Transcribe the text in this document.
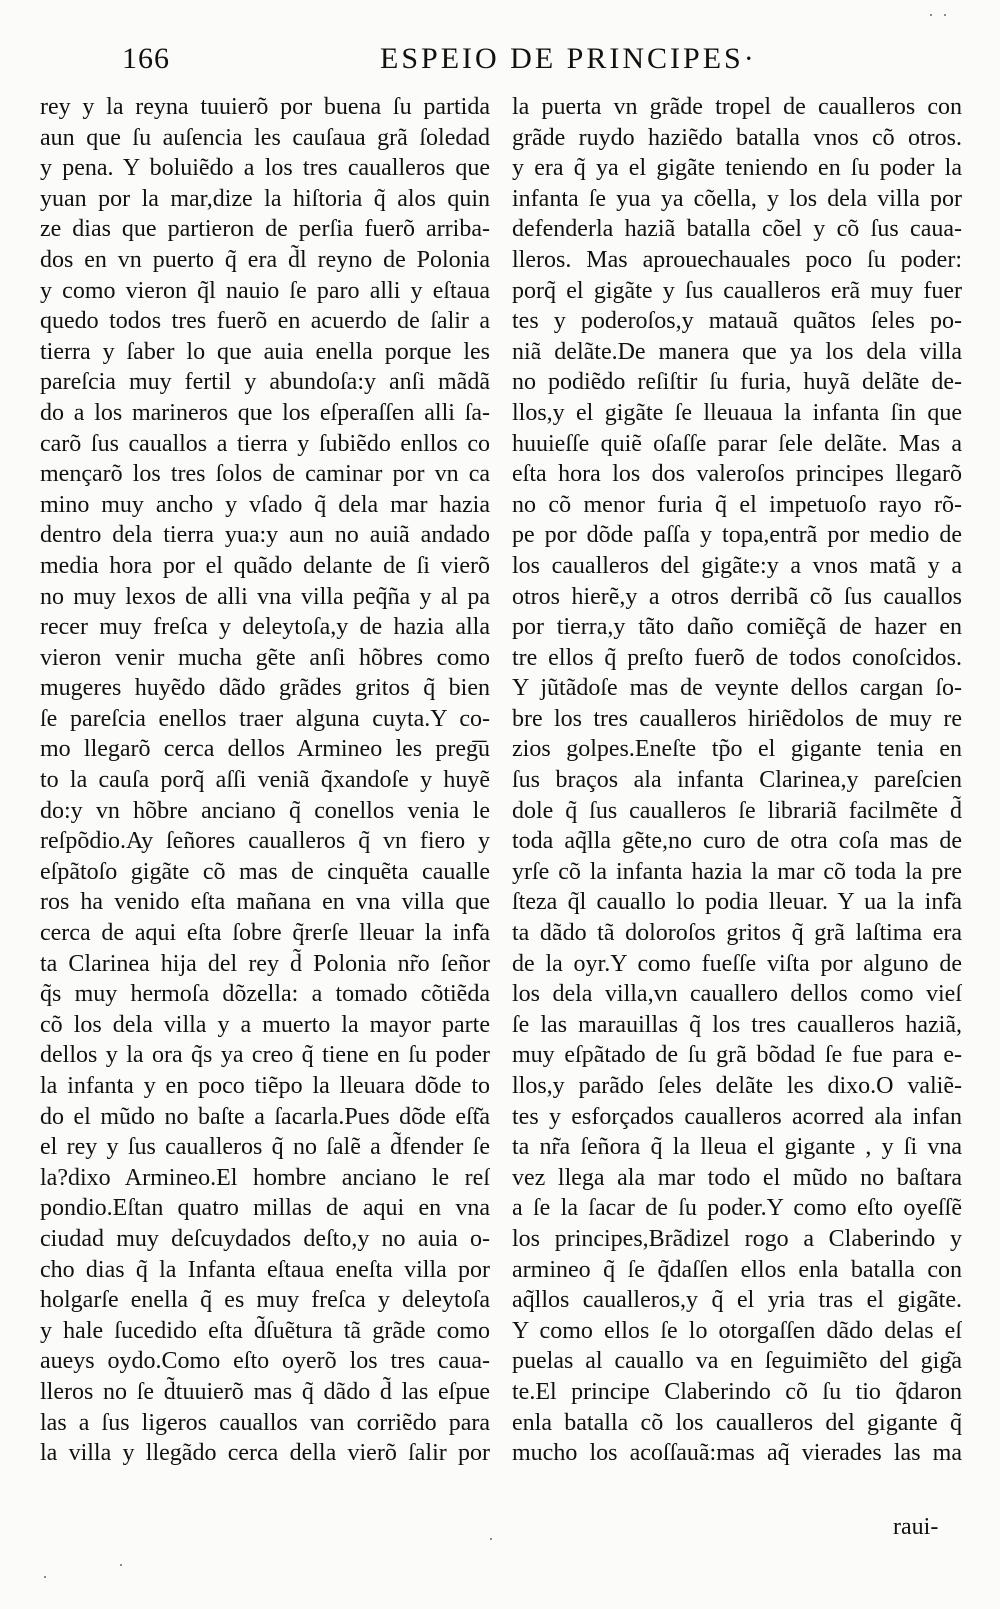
166	ESPEIO DE PRINCIPES·
rey y la reyna tuuierõ por buena ſu partida
aun que ſu auſencia les cauſaua grã ſoledad
y pena. Y boluiẽdo a los tres caualleros que
yuan por la mar,dize la hiſtoria q̃ alos quin
ze dias que partieron de perſia fuerõ arriba-
dos en vn puerto q̃ era d̃l reyno de Polonia
y como vieron q̃l nauio ſe paro alli y eſtaua
quedo todos tres fuerõ en acuerdo de ſalir a
tierra y ſaber lo que auia enella porque les
pareſcia muy fertil y abundoſa:y anſi mãdã
do a los marineros que los eſperaſſen alli ſa-
carõ ſus cauallos a tierra y ſubiẽdo enllos co
mençarõ los tres ſolos de caminar por vn ca
mino muy ancho y vſado q̃ dela mar hazia
dentro dela tierra yua:y aun no auiã andado
media hora por el quãdo delante de ſi vierõ
no muy lexos de alli vna villa peq̃ña y al pa
recer muy freſca y deleytoſa,y de hazia alla
vieron venir mucha gẽte anſi hõbres como
mugeres huyẽdo dãdo grãdes gritos q̃ bien
ſe pareſcia enellos traer alguna cuyta.Y co-
mo llegarõ cerca dellos Armineo les preg͞u
to la cauſa porq̃ aſſi veniã q̃xandoſe y huyẽ
do:y vn hõbre anciano q̃ conellos venia le
reſpõdio.Ay ſeñores caualleros q̃ vn fiero y
eſpãtoſo gigãte cõ mas de cinquẽta caualle
ros ha venido eſta mañana en vna villa que
cerca de aqui eſta ſobre q̃rerſe lleuar la inf͂a
ta Clarinea hija del rey d̃ Polonia nr̃o ſeñor
q̃s muy hermoſa dõzella: a tomado cõtiẽda
cõ los dela villa y a muerto la mayor parte
dellos y la ora q̃s ya creo q̃ tiene en ſu poder
la infanta y en poco tiẽpo la lleuara dõde to
do el mũdo no baſte a ſacarla.Pues dõde eſt͂a
el rey y ſus caualleros q̃ no ſalẽ a d̃fender ſe
la?dixo Armineo.El hombre anciano le reſ
pondio.Eſtan quatro millas de aqui en vna
ciudad muy deſcuydados deſto,y no auia o-
cho dias q̃ la Infanta eſtaua eneſta villa por
holgarſe enella q̃ es muy freſca y deleytoſa
y hale ſucedido eſta d̃ſuẽtura tã grãde como
aueys oydo.Como eſto oyerõ los tres caua-
lleros no ſe d̃tuuierõ mas q̃ dãdo d̃ las eſpue
las a ſus ligeros cauallos van corriẽdo para
la villa y llegãdo cerca della vierõ ſalir por
la puerta vn grãde tropel de caualleros con
grãde ruydo haziẽdo batalla vnos cõ otros.
y era q̃ ya el gigãte teniendo en ſu poder la
infanta ſe yua ya cõella, y los dela villa por
defenderla haziã batalla cõel y cõ ſus caua-
lleros. Mas aprouechauales poco ſu poder:
porq̃ el gigãte y ſus caualleros erã muy fuer
tes y poderoſos,y matauã quãtos ſeles po-
niã delãte.De manera que ya los dela villa
no podiẽdo reſiſtir ſu furia, huyã delãte de-
llos,y el gigãte ſe lleuaua la infanta ſin que
huuieſſe quiẽ oſaſſe parar ſele delãte. Mas a
eſta hora los dos valeroſos principes llegarõ
no cõ menor furia q̃ el impetuoſo rayo rõ-
pe por dõde paſſa y topa,entrã por medio de
los caualleros del gigãte:y a vnos matã y a
otros hierẽ,y a otros derribã cõ ſus cauallos
por tierra,y tãto daño comiẽçã de hazer en
tre ellos q̃ preſto fuerõ de todos conoſcidos.
Y jũtãdoſe mas de veynte dellos cargan ſo-
bre los tres caualleros hiriẽdolos de muy re
zios golpes.Eneſte tp̃o el gigante tenia en
ſus braços ala infanta Clarinea,y pareſcien
dole q̃ ſus caualleros ſe librariã facilmẽte d̃
toda aq̃lla gẽte,no curo de otra coſa mas de
yrſe cõ la infanta hazia la mar cõ toda la pre
ſteza q̃l cauallo lo podia lleuar. Y ua la inf͂a
ta dãdo tã doloroſos gritos q̃ grã laſtima era
de la oyr.Y como fueſſe viſta por alguno de
los dela villa,vn cauallero dellos como vieſ
ſe las marauillas q̃ los tres caualleros haziã,
muy eſpãtado de ſu grã bõdad ſe fue para e-
llos,y parãdo ſeles delãte les dixo.O valiẽ-
tes y esforçados caualleros acorred ala infan
ta nr̃a ſeñora q̃ la lleua el gigante , y ſi vna
vez llega ala mar todo el mũdo no baſtara
a ſe la ſacar de ſu poder.Y como eſto oyeſſẽ
los principes,Brãdizel rogo a Claberindo y
armineo q̃ ſe q̃daſſen ellos enla batalla con
aq̃llos caualleros,y q̃ el yria tras el gigãte.
Y como ellos ſe lo otorgaſſen dãdo delas eſ
puelas al cauallo va en ſeguimiẽto del gig͂a
te.El principe Claberindo cõ ſu tio q̃daron
enla batalla cõ los caualleros del gigante q̃
mucho los acoſſauã:mas aq̃ vierades las ma
raui-
